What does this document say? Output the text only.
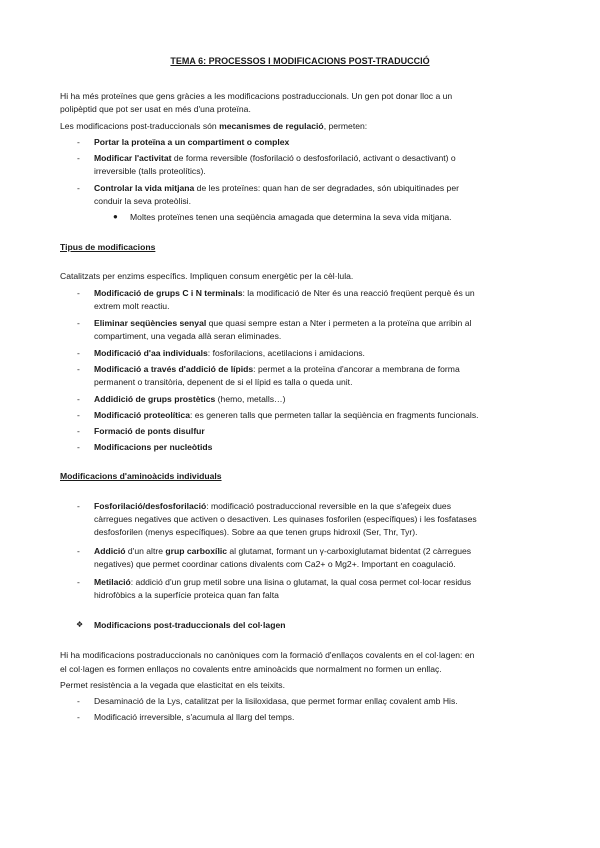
TEMA 6: PROCESSOS I MODIFICACIONS POST-TRADUCCIÓ
Hi ha més proteïnes que gens gràcies a les modificacions postraduccionals. Un gen pot donar lloc a un
polipèptid que pot ser usat en més d'una proteïna.
Les modificacions post-traduccionals són mecanismes de regulació, permeten:
- Portar la proteïna a un compartiment o complex
- Modificar l'activitat de forma reversible (fosforilació o desfosforilació, activant o desactivant) o
irreversible (talls proteolítics).
- Controlar la vida mitjana de les proteïnes: quan han de ser degradades, són ubiquitinades per
conduir la seva proteòlisi.
● Moltes proteïnes tenen una seqüència amagada que determina la seva vida mitjana.
Tipus de modificacions
Catalitzats per enzims específics. Impliquen consum energètic per la cèl·lula.
- Modificació de grups C i N terminals: la modificació de Nter és una reacció freqüent perquè és un
extrem molt reactiu.
- Eliminar seqüències senyal que quasi sempre estan a Nter i permeten a la proteïna que arribin al
compartiment, una vegada allà seran eliminades.
- Modificació d'aa individuals: fosforilacions, acetilacions i amidacions.
- Modificació a través d'addició de lípids: permet a la proteïna d'ancorar a membrana de forma
permanent o transitòria, depenent de si el lípid es talla o queda unit.
- Addidició de grups prostètics (hemo, metalls…)
- Modificació proteolítica: es generen talls que permeten tallar la seqüència en fragments funcionals.
- Formació de ponts disulfur
- Modificacions per nucleòtids
Modificacions d'aminoàcids individuals
- Fosforilació/desfosforilació: modificació postraduccional reversible en la que s'afegeix dues
càrregues negatives que activen o desactiven. Les quinases fosforilen (específiques) i les fosfatases
desfosforilen (menys específiques). Sobre aa que tenen grups hidroxil (Ser, Thr, Tyr).
- Addició d'un altre grup carboxílic al glutamat, formant un γ-carboxiglutamat bidentat (2 càrregues
negatives) que permet coordinar cations divalents com Ca2+ o Mg2+. Important en coagulació.
- Metilació: addició d'un grup metil sobre una lisina o glutamat, la qual cosa permet col·locar residus
hidrofòbics a la superfície proteica quan fan falta
❖ Modificacions post-traduccionals del col·lagen
Hi ha modificacions postraduccionals no canòniques com la formació d'enllaços covalents en el col·lagen: en
el col·lagen es formen enllaços no covalents entre aminoàcids que normalment no formen un enllaç.
Permet resistència a la vegada que elasticitat en els teixits.
- Desaminació de la Lys, catalitzat per la lisiloxidasa, que permet formar enllaç covalent amb His.
- Modificació irreversible, s'acumula al llarg del temps.
